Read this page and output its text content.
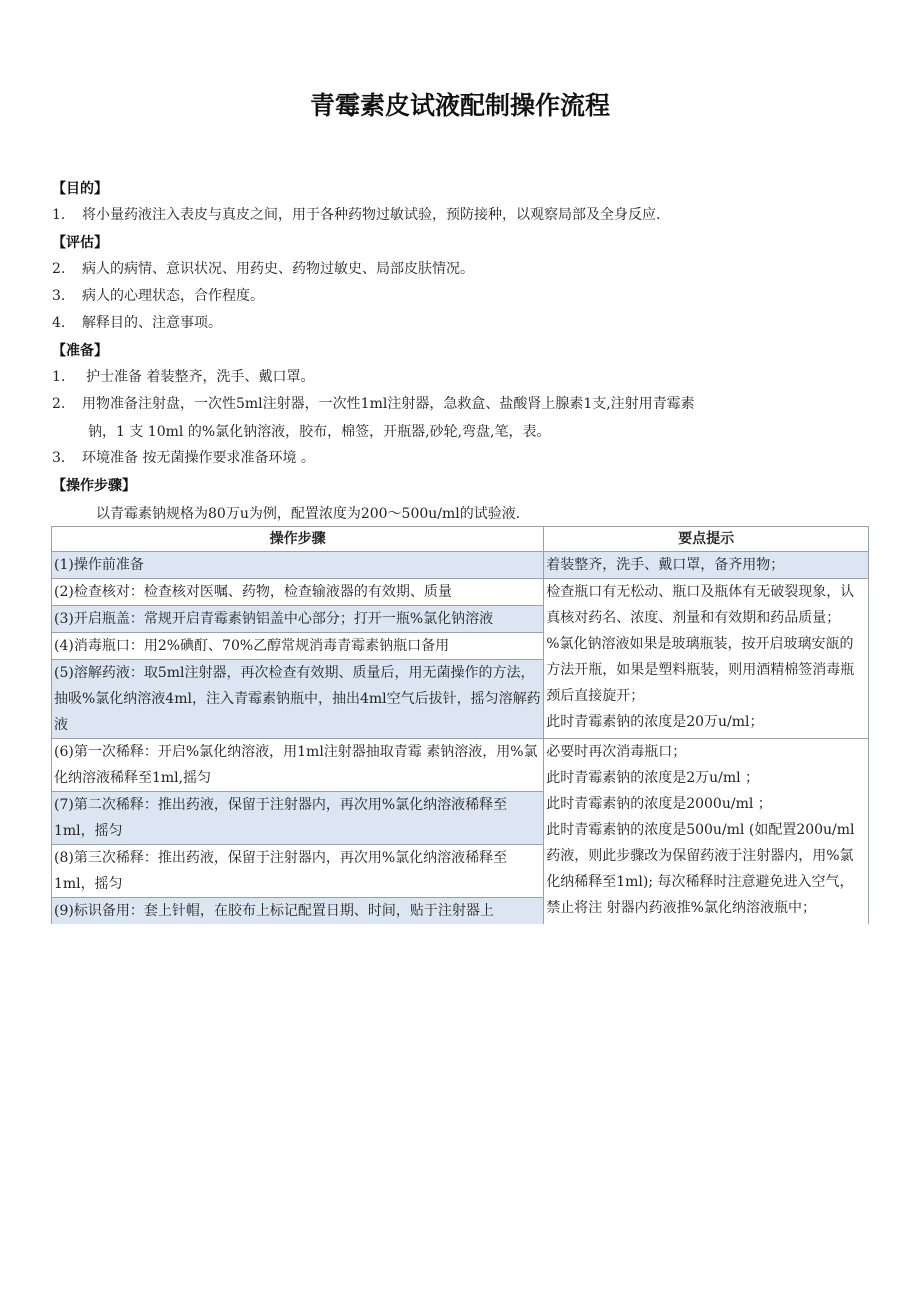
青霉素皮试液配制操作流程
【目的】
1. 将小量药液注入表皮与真皮之间，用于各种药物过敏试验，预防接种，以观察局部及全身反应.
【评估】
2. 病人的病情、意识状况、用药史、药物过敏史、局部皮肤情况。
3. 病人的心理状态，合作程度。
4. 解释目的、注意事项。
【准备】
1. 护士准备 着装整齐，洗手、戴口罩。
2. 用物准备注射盘，一次性5ml注射器，一次性1ml注射器，急救盒、盐酸肾上腺素1支,注射用青霉素
钠，1 支 10ml 的%氯化钠溶液，胶布，棉签，开瓶器,砂轮,弯盘,笔，表。
3. 环境准备 按无菌操作要求准备环境 。
【操作步骤】
以青霉素钠规格为80万u为例，配置浓度为200〜500u/ml的试验液.
操作步骤	要点提示
(1)操作前准备	着装整齐，洗手、戴口罩，备齐用物；
(2)检查核对：检查核对医嘱、药物，检查输液器的有效期、质量	检查瓶口有无松动、瓶口及瓶体有无破裂现象，认真核对药名、浓度、剂量和有效期和药品质量；

%氯化钠溶液如果是玻璃瓶装，按开启玻璃安瓿的方法开瓶，如果是塑料瓶装，则用酒精棉签消毒瓶颈后直接旋开；

此时青霉素钠的浓度是20万u/ml；

(3)开启瓶盖：常规开启青霉素钠铝盖中心部分；打开一瓶%氯化钠溶液	
(4)消毒瓶口：用2%碘酊、70%乙醇常规消毒青霉素钠瓶口备用	
(5)溶解药液：取5ml注射器，再次检查有效期、质量后，用无菌操作的方法，抽吸%氯化纳溶液4ml，注入青霉素钠瓶中，抽出4ml空气后拔针，摇匀溶解药液	
(6)第一次稀释：开启%氯化纳溶液，用1ml注射器抽取青霉 素钠溶液，用%氯化纳溶液稀释至1ml,摇匀	必要时再次消毒瓶口；

此时青霉素钠的浓度是2万u/ml ；

此时青霉素钠的浓度是2000u/ml ；

此时青霉素钠的浓度是500u/ml (如配置200u/ml药液，则此步骤改为保留药液于注射器内，用%氯化纳稀释至1ml); 每次稀释时注意避免进入空气，禁止将注 射器内药液推%氯化纳溶液瓶中；

(7)第二次稀释：推出药液，保留于注射器内，再次用%氯化纳溶液稀释至1ml，摇匀	
(8)第三次稀释：推出药液，保留于注射器内，再次用%氯化纳溶液稀释至1ml，摇匀	
(9)标识备用：套上针帽，在胶布上标记配置日期、时间，贴于注射器上	
